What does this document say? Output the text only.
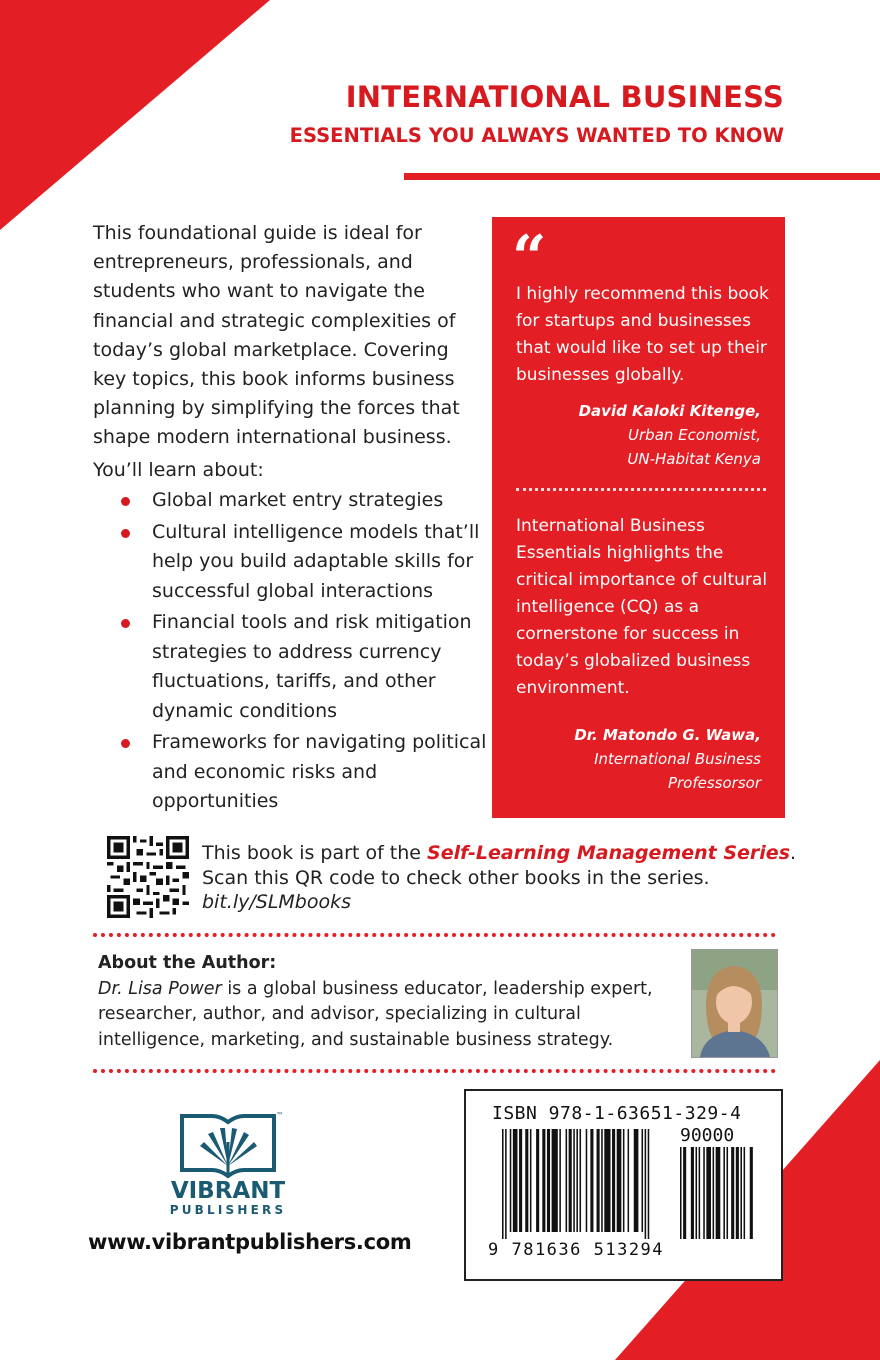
INTERNATIONAL BUSINESS
ESSENTIALS YOU ALWAYS WANTED TO KNOW
This foundational guide is ideal for entrepreneurs, professionals, and students who want to navigate the financial and strategic complexities of today’s global marketplace. Covering key topics, this book informs business planning by simplifying the forces that shape modern international business.
You’ll learn about:
Global market entry strategies
Cultural intelligence models that’ll help you build adaptable skills for successful global interactions
Financial tools and risk mitigation strategies to address currency fluctuations, tariffs, and other dynamic conditions
Frameworks for navigating political and economic risks and opportunities
“
I highly recommend this book for startups and businesses that would like to set up their businesses globally.
David Kaloki Kitenge,
Urban Economist,
UN-Habitat Kenya
International Business Essentials highlights the critical importance of cultural intelligence (CQ) as a cornerstone for success in today’s globalized business environment.
Dr. Matondo G. Wawa,
International Business
Professorsor
This book is part of the Self-Learning Management Series.
Scan this QR code to check other books in the series.
bit.ly/SLMbooks
About the Author:
Dr. Lisa Power is a global business educator, leadership expert, researcher, author, and advisor, specializing in cultural intelligence, marketing, and sustainable business strategy.
™
VIBRANT
PUBLISHERS
www.vibrantpublishers.com
ISBN 978-1-63651-329-4
90000
9 781636 513294
